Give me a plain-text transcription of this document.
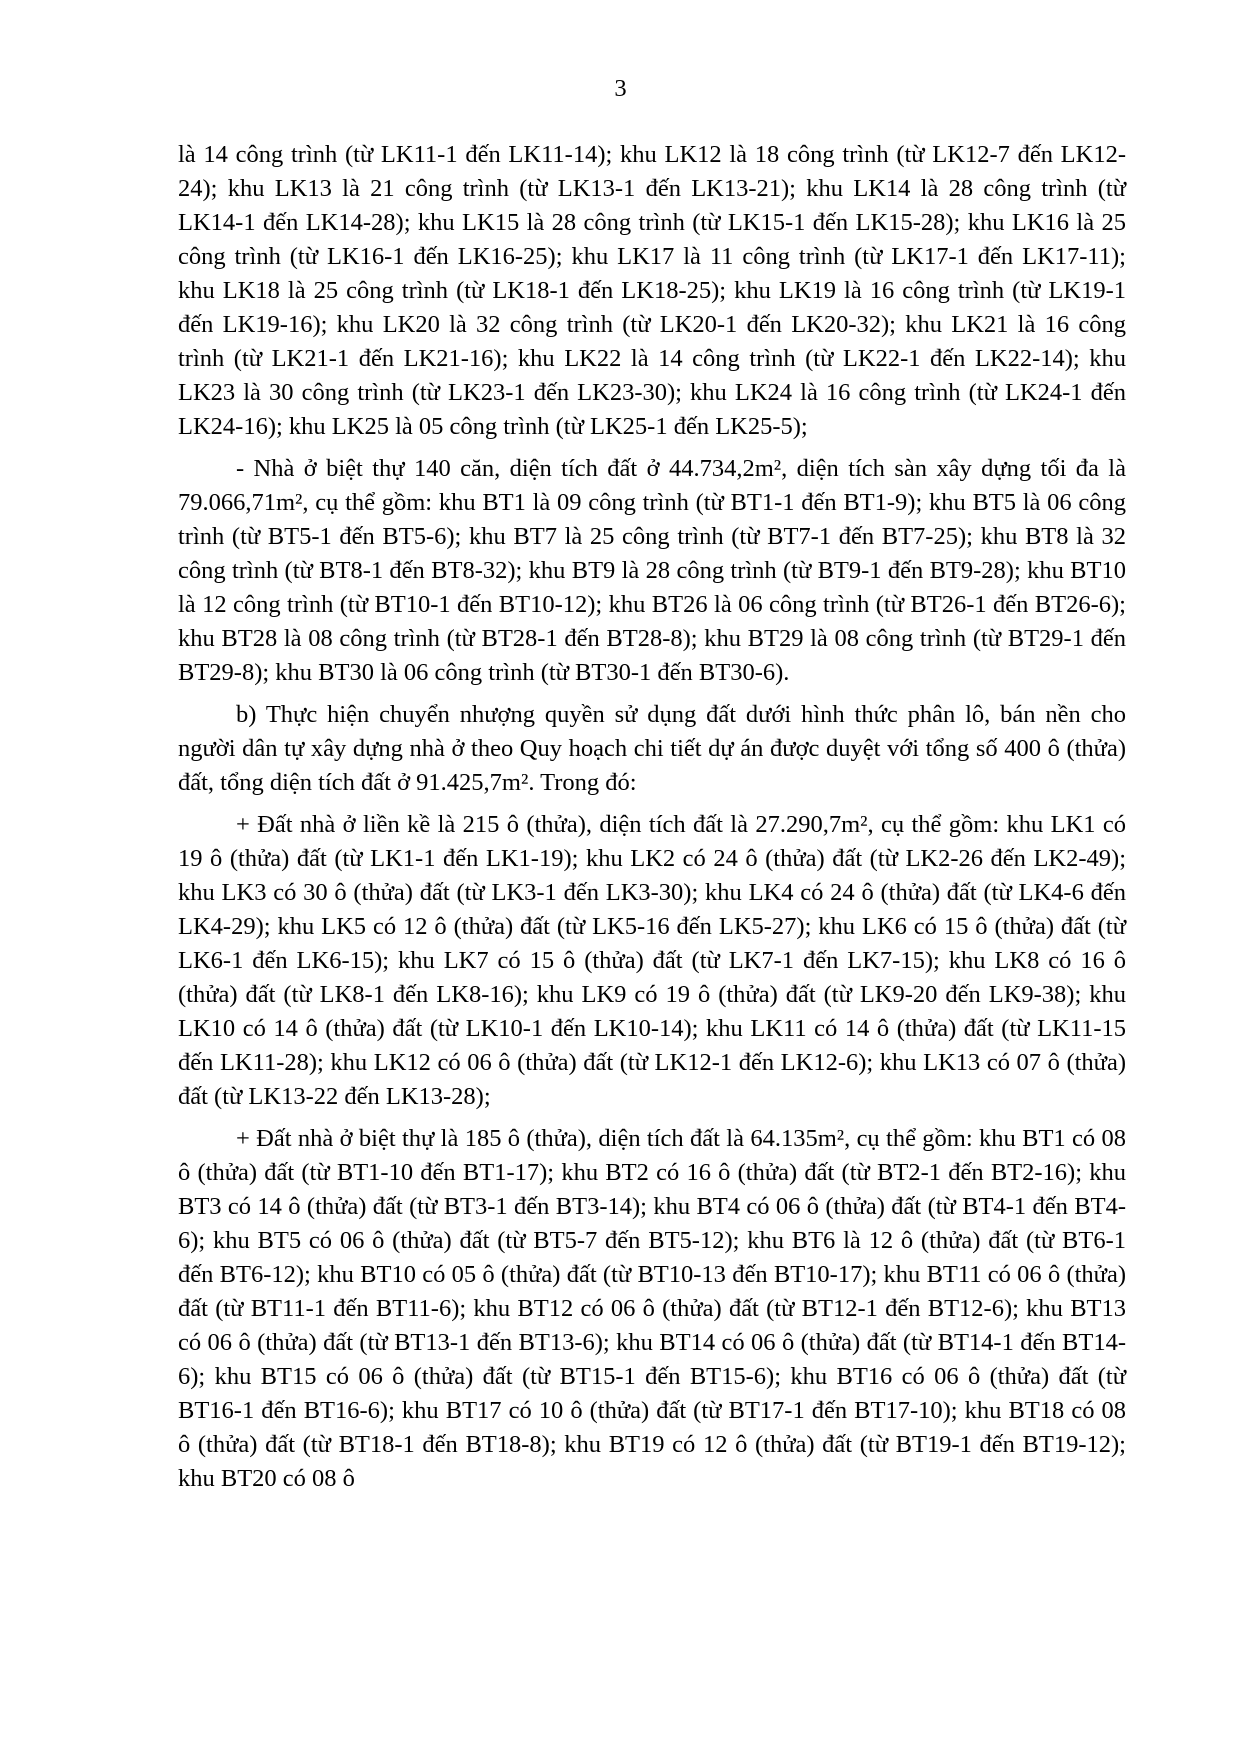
3

là 14 công trình (từ LK11-1 đến LK11-14); khu LK12 là 18 công trình (từ LK12-7 đến LK12-24); khu LK13 là 21 công trình (từ LK13-1 đến LK13-21); khu LK14 là 28 công trình (từ LK14-1 đến LK14-28); khu LK15 là 28 công trình (từ LK15-1 đến LK15-28); khu LK16 là 25 công trình (từ LK16-1 đến LK16-25); khu LK17 là 11 công trình (từ LK17-1 đến LK17-11); khu LK18 là 25 công trình (từ LK18-1 đến LK18-25); khu LK19 là 16 công trình (từ LK19-1 đến LK19-16); khu LK20 là 32 công trình (từ LK20-1 đến LK20-32); khu LK21 là 16 công trình (từ LK21-1 đến LK21-16); khu LK22 là 14 công trình (từ LK22-1 đến LK22-14); khu LK23 là 30 công trình (từ LK23-1 đến LK23-30); khu LK24 là 16 công trình (từ LK24-1 đến LK24-16); khu LK25 là 05 công trình (từ LK25-1 đến LK25-5);

- Nhà ở biệt thự 140 căn, diện tích đất ở 44.734,2m², diện tích sàn xây dựng tối đa là 79.066,71m², cụ thể gồm: khu BT1 là 09 công trình (từ BT1-1 đến BT1-9); khu BT5 là 06 công trình (từ BT5-1 đến BT5-6); khu BT7 là 25 công trình (từ BT7-1 đến BT7-25); khu BT8 là 32 công trình (từ BT8-1 đến BT8-32); khu BT9 là 28 công trình (từ BT9-1 đến BT9-28); khu BT10 là 12 công trình (từ BT10-1 đến BT10-12); khu BT26 là 06 công trình (từ BT26-1 đến BT26-6); khu BT28 là 08 công trình (từ BT28-1 đến BT28-8); khu BT29 là 08 công trình (từ BT29-1 đến BT29-8); khu BT30 là 06 công trình (từ BT30-1 đến BT30-6).

b) Thực hiện chuyển nhượng quyền sử dụng đất dưới hình thức phân lô, bán nền cho người dân tự xây dựng nhà ở theo Quy hoạch chi tiết dự án được duyệt với tổng số 400 ô (thửa) đất, tổng diện tích đất ở 91.425,7m². Trong đó:

+ Đất nhà ở liền kề là 215 ô (thửa), diện tích đất là 27.290,7m², cụ thể gồm: khu LK1 có 19 ô (thửa) đất (từ LK1-1 đến LK1-19); khu LK2 có 24 ô (thửa) đất (từ LK2-26 đến LK2-49); khu LK3 có 30 ô (thửa) đất (từ LK3-1 đến LK3-30); khu LK4 có 24 ô (thửa) đất (từ LK4-6 đến LK4-29); khu LK5 có 12 ô (thửa) đất (từ LK5-16 đến LK5-27); khu LK6 có 15 ô (thửa) đất (từ LK6-1 đến LK6-15); khu LK7 có 15 ô (thửa) đất (từ LK7-1 đến LK7-15); khu LK8 có 16 ô (thửa) đất (từ LK8-1 đến LK8-16); khu LK9 có 19 ô (thửa) đất (từ LK9-20 đến LK9-38); khu LK10 có 14 ô (thửa) đất (từ LK10-1 đến LK10-14); khu LK11 có 14 ô (thửa) đất (từ LK11-15 đến LK11-28); khu LK12 có 06 ô (thửa) đất (từ LK12-1 đến LK12-6); khu LK13 có 07 ô (thửa) đất (từ LK13-22 đến LK13-28);

+ Đất nhà ở biệt thự là 185 ô (thửa), diện tích đất là 64.135m², cụ thể gồm: khu BT1 có 08 ô (thửa) đất (từ BT1-10 đến BT1-17); khu BT2 có 16 ô (thửa) đất (từ BT2-1 đến BT2-16); khu BT3 có 14 ô (thửa) đất (từ BT3-1 đến BT3-14); khu BT4 có 06 ô (thửa) đất (từ BT4-1 đến BT4-6); khu BT5 có 06 ô (thửa) đất (từ BT5-7 đến BT5-12); khu BT6 là 12 ô (thửa) đất (từ BT6-1 đến BT6-12); khu BT10 có 05 ô (thửa) đất (từ BT10-13 đến BT10-17); khu BT11 có 06 ô (thửa) đất (từ BT11-1 đến BT11-6); khu BT12 có 06 ô (thửa) đất (từ BT12-1 đến BT12-6); khu BT13 có 06 ô (thửa) đất (từ BT13-1 đến BT13-6); khu BT14 có 06 ô (thửa) đất (từ BT14-1 đến BT14-6); khu BT15 có 06 ô (thửa) đất (từ BT15-1 đến BT15-6); khu BT16 có 06 ô (thửa) đất (từ BT16-1 đến BT16-6); khu BT17 có 10 ô (thửa) đất (từ BT17-1 đến BT17-10); khu BT18 có 08 ô (thửa) đất (từ BT18-1 đến BT18-8); khu BT19 có 12 ô (thửa) đất (từ BT19-1 đến BT19-12); khu BT20 có 08 ô
